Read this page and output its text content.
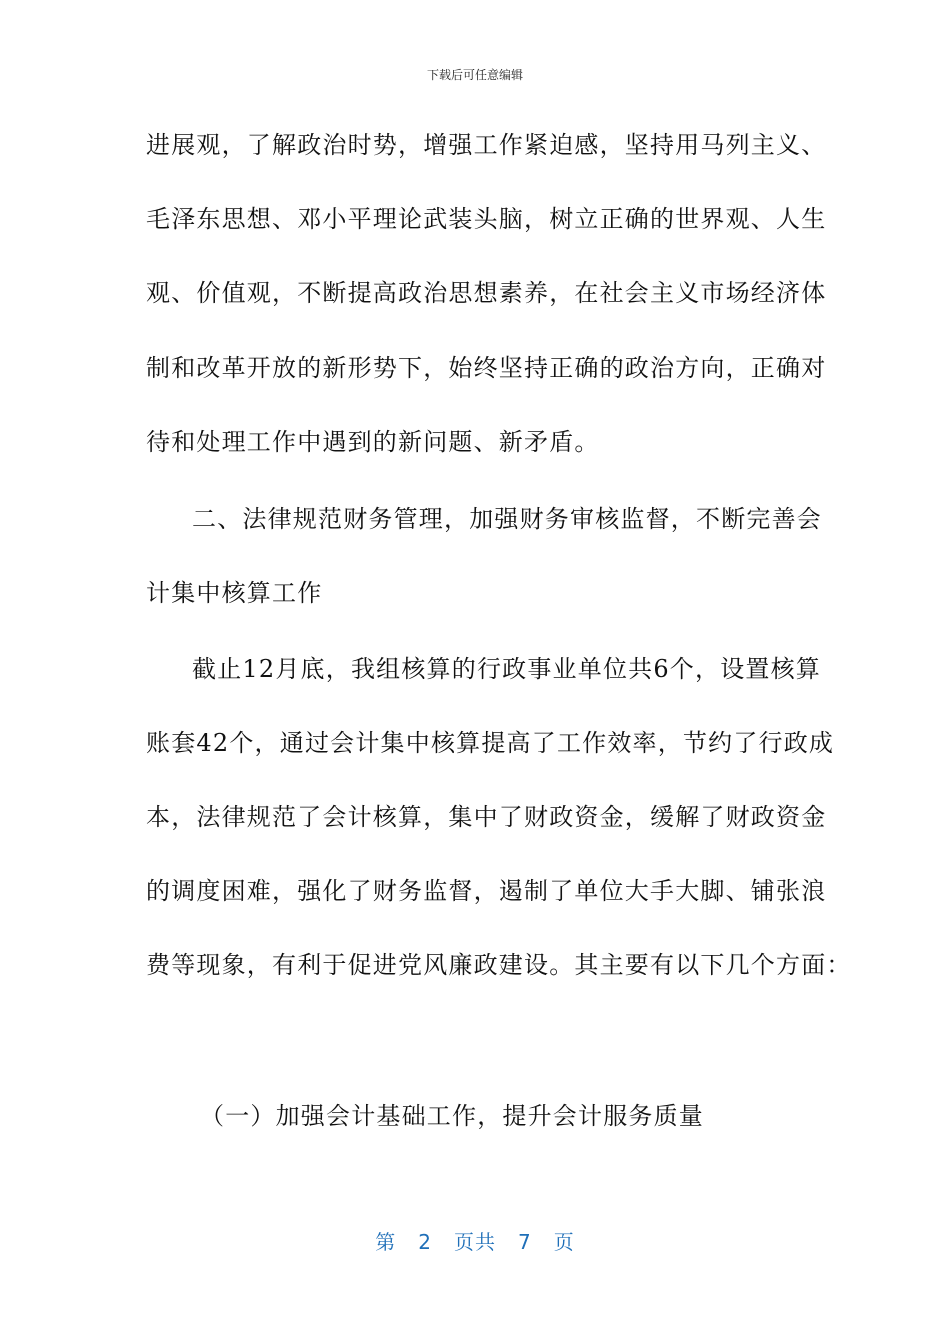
下载后可任意编辑
进展观，了解政治时势，增强工作紧迫感，坚持用马列主义、
毛泽东思想、邓小平理论武装头脑，树立正确的世界观、人生
观、价值观，不断提高政治思想素养，在社会主义市场经济体
制和改革开放的新形势下，始终坚持正确的政治方向，正确对
待和处理工作中遇到的新问题、新矛盾。
二、法律规范财务管理，加强财务审核监督，不断完善会
计集中核算工作
截止12月底，我组核算的行政事业单位共6个，设置核算
账套42个，通过会计集中核算提高了工作效率，节约了行政成
本，法律规范了会计核算，集中了财政资金，缓解了财政资金
的调度困难，强化了财务监督，遏制了单位大手大脚、铺张浪
费等现象，有利于促进党风廉政建设。其主要有以下几个方面：
（一）加强会计基础工作，提升会计服务质量
第 2 页共 7 页
